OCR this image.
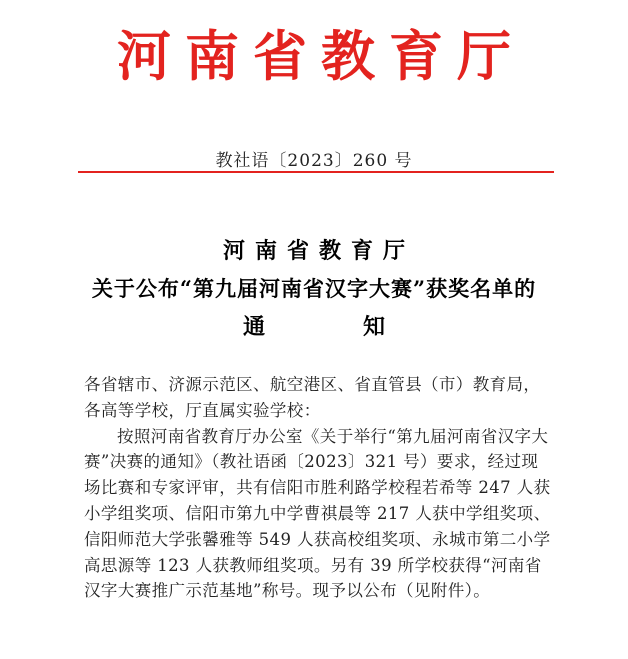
河南省教育厅
教社语〔2023〕260 号
河南省教育厅
关于公布“第九届河南省汉字大赛”获奖名单的
通	知

各省辖市、济源示范区、航空港区、省直管县（市）教育局，各高等学校，厅直属实验学校：

按照河南省教育厅办公室《关于举行“第九届河南省汉字大赛”决赛的通知》（教社语函〔2023〕321 号）要求，经过现场比赛和专家评审，共有信阳市胜利路学校程若希等 247 人获小学组奖项、信阳市第九中学曹祺晨等 217 人获中学组奖项、信阳师范大学张馨雅等 549 人获高校组奖项、永城市第二小学高思源等 123 人获教师组奖项。另有 39 所学校获得“河南省汉字大赛推广示范基地”称号。现予以公布（见附件）。
